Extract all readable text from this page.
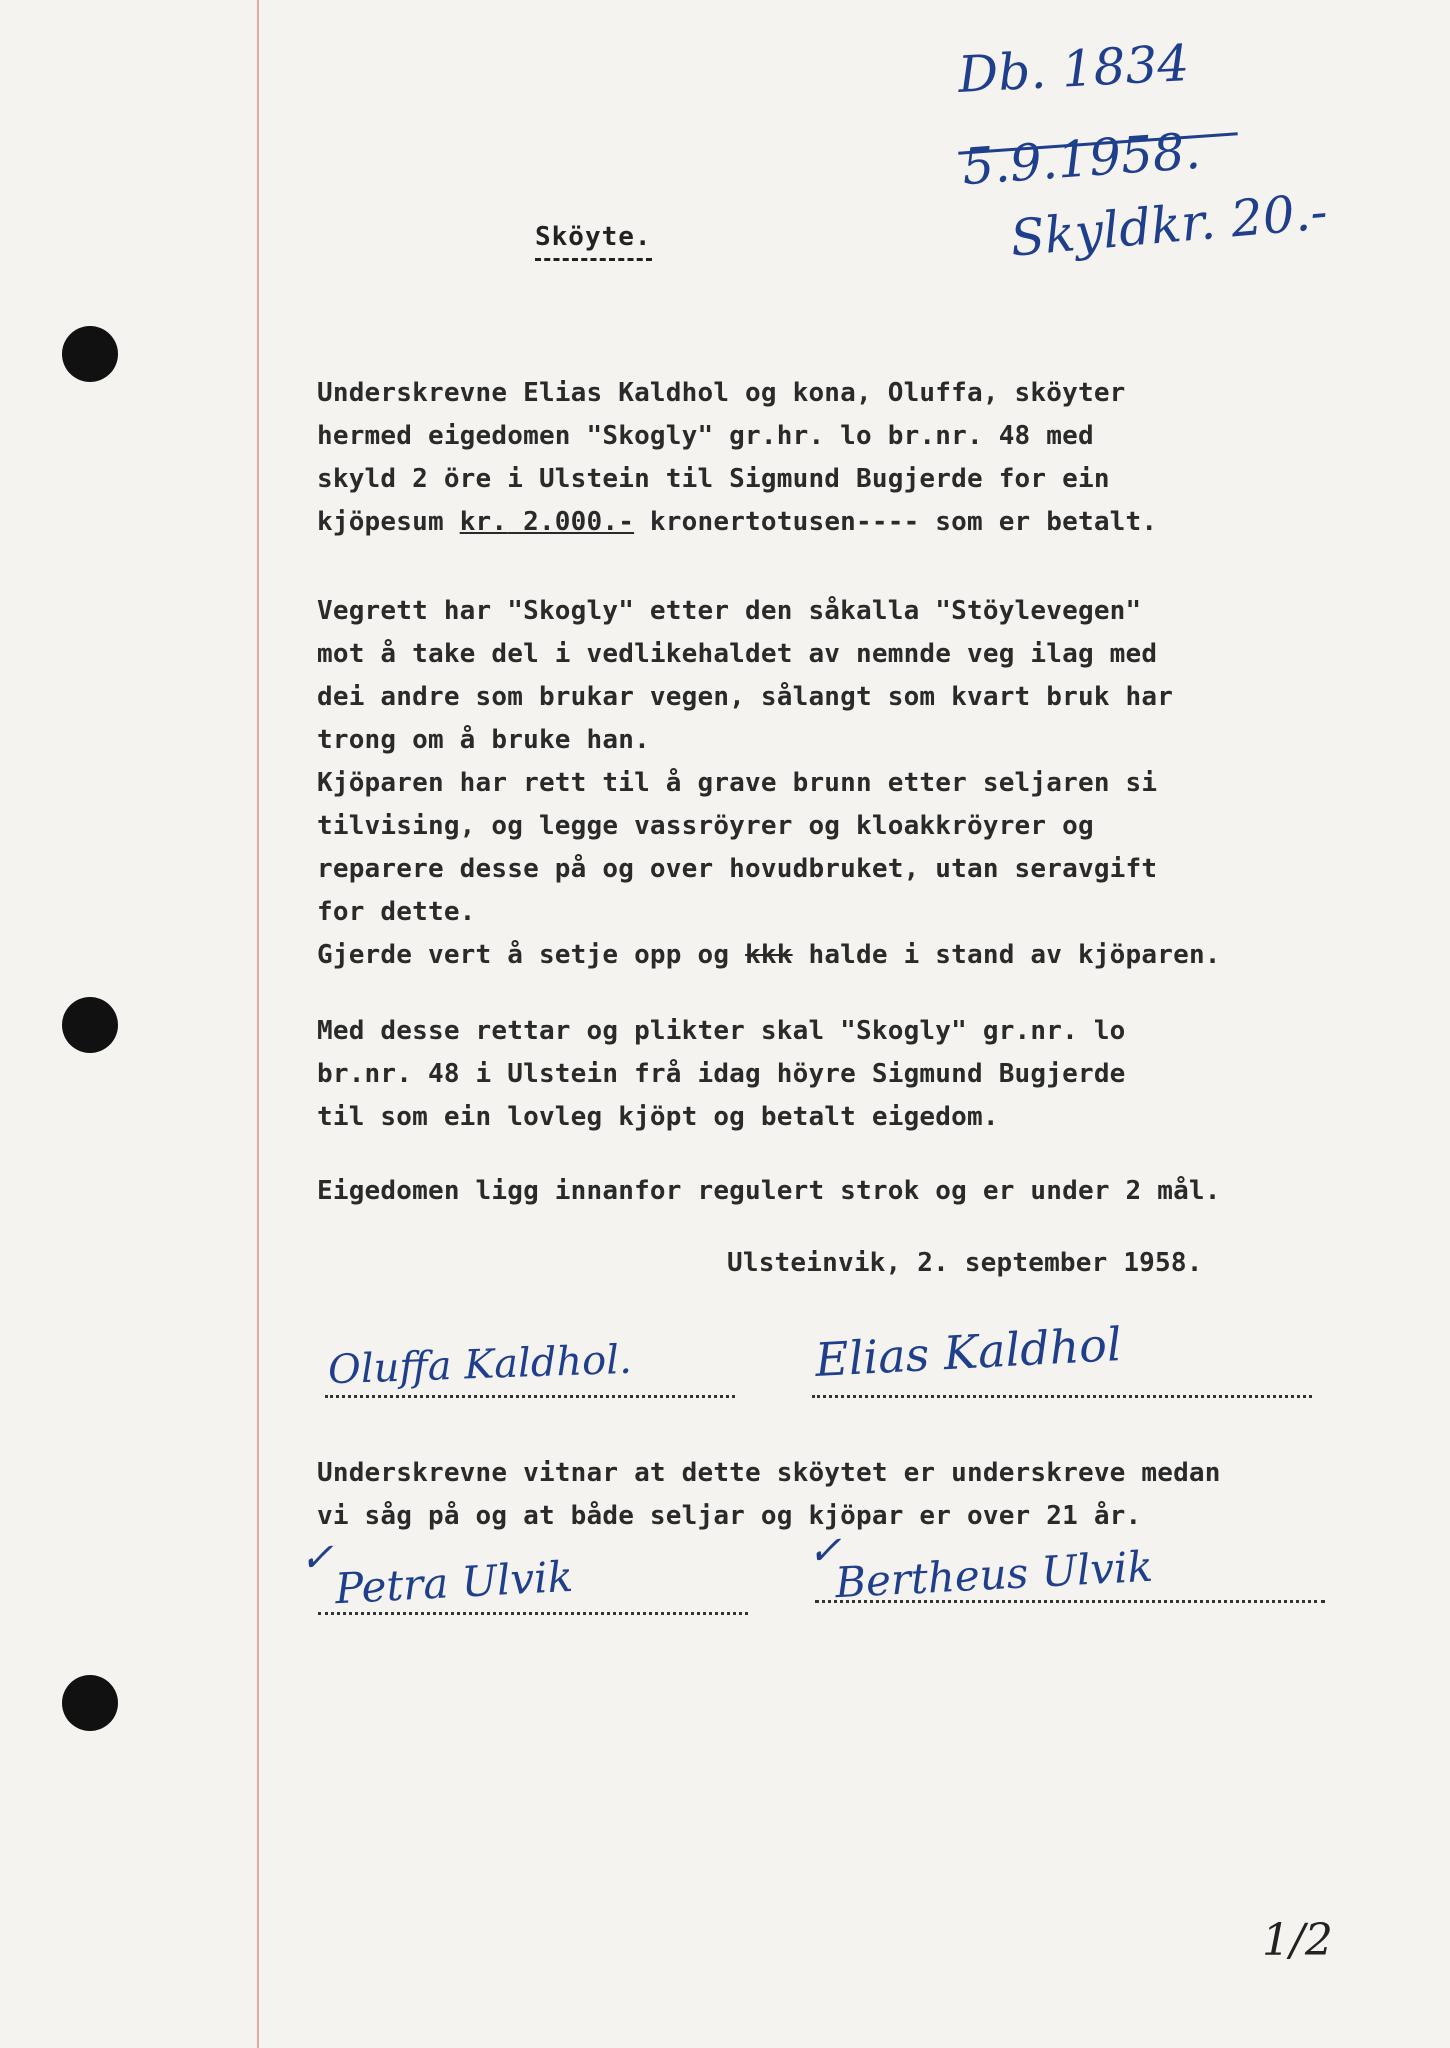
Db. 1834
5.9.1958.
Skyldkr. 20.-
Sköyte.
Underskrevne Elias Kaldhol og kona, Oluffa, sköyter
hermed eigedomen "Skogly" gr.hr. lo br.nr. 48 med
skyld 2 öre i Ulstein til Sigmund Bugjerde for ein
kjöpesum kr. 2.000.- kronertotusen---- som er betalt.
Vegrett har "Skogly" etter den såkalla "Stöylevegen"
mot å take del i vedlikehaldet av nemnde veg ilag med
dei andre som brukar vegen, sålangt som kvart bruk har
trong om å bruke han.
Kjöparen har rett til å grave brunn etter seljaren si
tilvising, og legge vassröyrer og kloakkröyrer og
reparere desse på og over hovudbruket, utan seravgift
for dette.
Gjerde vert å setje opp og kkk halde i stand av kjöparen.
Med desse rettar og plikter skal "Skogly" gr.nr. lo
br.nr. 48 i Ulstein frå idag höyre Sigmund Bugjerde
til som ein lovleg kjöpt og betalt eigedom.
Eigedomen ligg innanfor regulert strok og er under 2 mål.
Ulsteinvik, 2. september 1958.
Oluffa Kaldhol.	Elias Kaldhol
Underskrevne vitnar at dette sköytet er underskreve medan
vi såg på og at både seljar og kjöpar er over 21 år.
✓ Petra Ulvik
✓
Bertheus Ulvik
1/2
